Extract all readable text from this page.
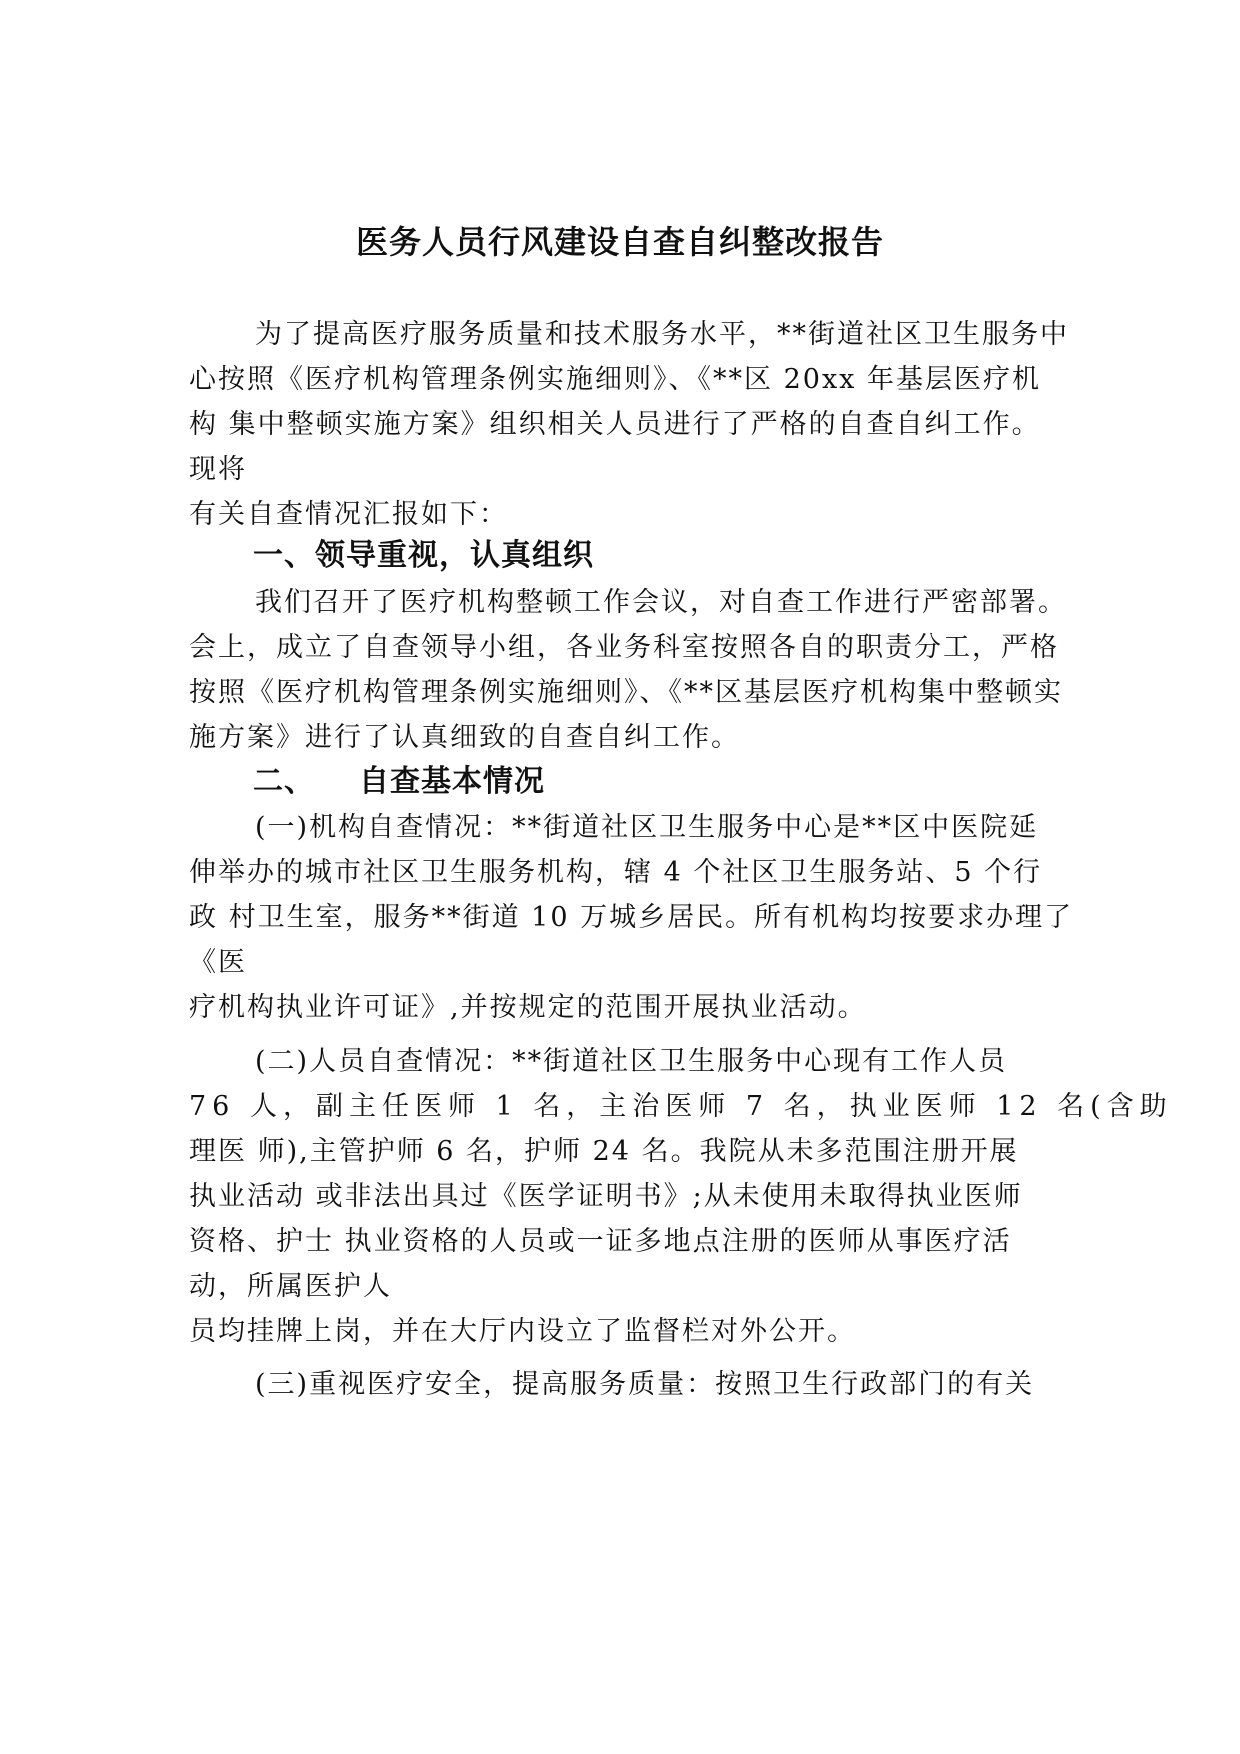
医务人员行风建设自查自纠整改报告
为了提高医疗服务质量和技术服务水平，**街道社区卫生服务中
心按照《医疗机构管理条例实施细则》、《**区 20xx 年基层医疗机
构 集中整顿实施方案》组织相关人员进行了严格的自查自纠工作。
现将
有关自查情况汇报如下：
一、领导重视，认真组织
我们召开了医疗机构整顿工作会议，对自查工作进行严密部署。
会上，成立了自查领导小组，各业务科室按照各自的职责分工，严格
按照《医疗机构管理条例实施细则》、《**区基层医疗机构集中整顿实
施方案》进行了认真细致的自查自纠工作。
二、 自查基本情况
(一)机构自查情况：**街道社区卫生服务中心是**区中医院延
伸举办的城市社区卫生服务机构，辖 4 个社区卫生服务站、5 个行
政 村卫生室，服务**街道 10 万城乡居民。所有机构均按要求办理了
《医
疗机构执业许可证》,并按规定的范围开展执业活动。
(二)人员自查情况：**街道社区卫生服务中心现有工作人员
76 人，副主任医师 1 名，主治医师 7 名，执业医师 12 名(含助
理医 师),主管护师 6 名，护师 24 名。我院从未多范围注册开展
执业活动 或非法出具过《医学证明书》;从未使用未取得执业医师
资格、护士 执业资格的人员或一证多地点注册的医师从事医疗活
动，所属医护人
员均挂牌上岗，并在大厅内设立了监督栏对外公开。
(三)重视医疗安全，提高服务质量：按照卫生行政部门的有关
